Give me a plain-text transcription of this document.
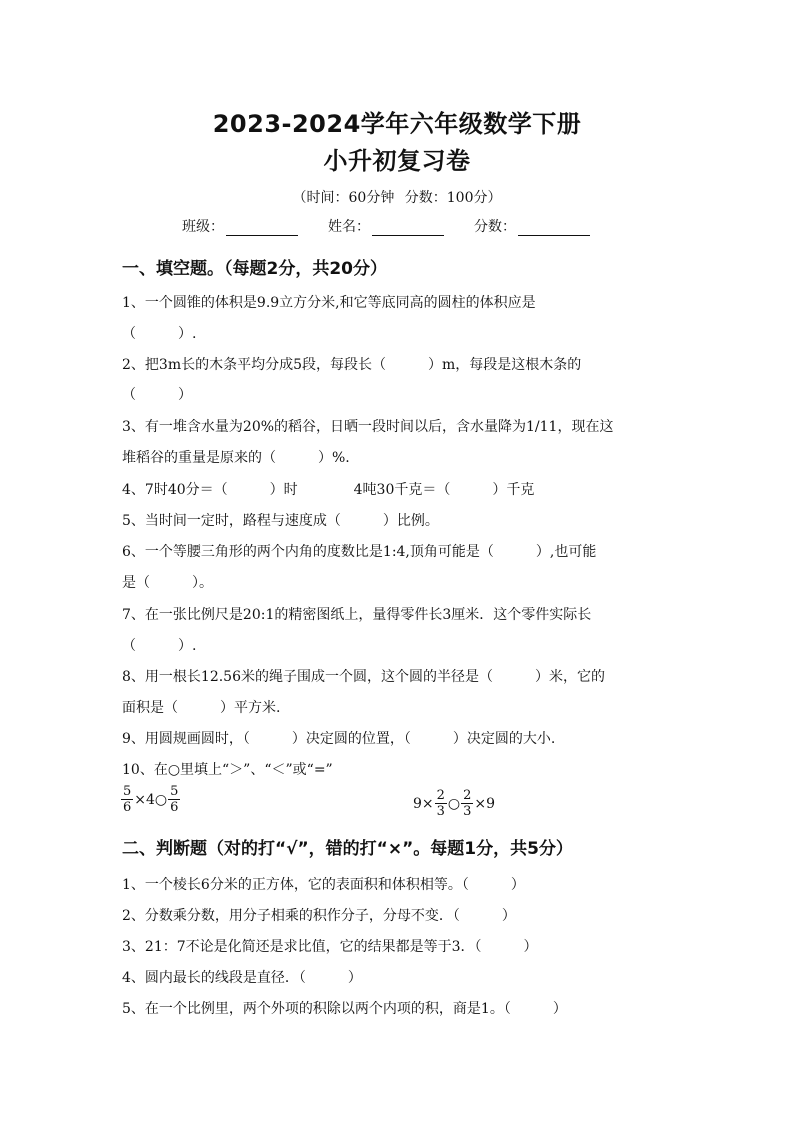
2023-2024学年六年级数学下册
小升初复习卷
（时间：60分钟 分数：100分）
班级：	姓名：	分数：
一、填空题。（每题2分，共20分）
1、一个圆锥的体积是9.9立方分米,和它等底同高的圆柱的体积应是
（　　　）.
2、把3m长的木条平均分成5段，每段长（　　　）m，每段是这根木条的
（　　　）
3、有一堆含水量为20%的稻谷，日晒一段时间以后，含水量降为1/11，现在这
堆稻谷的重量是原来的（　　　）%.
4、7时40分＝（　　　）时　　　　4吨30千克＝（　　　）千克
5、当时间一定时，路程与速度成（　　　）比例。
6、一个等腰三角形的两个内角的度数比是1:4,顶角可能是（　　　）,也可能
是（　　　）。
7、在一张比例尺是20:1的精密图纸上，量得零件长3厘米．这个零件实际长
（　　　）.
8、用一根长12.56米的绳子围成一个圆，这个圆的半径是（　　　）米，它的
面积是（　　　）平方米.
9、用圆规画圆时，（　　　）决定圆的位置，（　　　）决定圆的大小.
10、在○里填上“＞”、“＜”或“=”
$\frac{5}{6}$ ×4○ $\frac{5}{6}$	$9\times \frac{2}{3}$ ○ $\frac{2}{3} \times 9$
二、判断题（对的打“√”，错的打“×”。每题1分，共5分）
1、一个棱长6分米的正方体，它的表面积和体积相等。（　　　）
2、分数乘分数，用分子相乘的积作分子，分母不变．（　　　）
3、21：7不论是化简还是求比值，它的结果都是等于3．（　　　）
4、圆内最长的线段是直径．（　　　）
5、在一个比例里，两个外项的积除以两个内项的积，商是1。（　　　）
